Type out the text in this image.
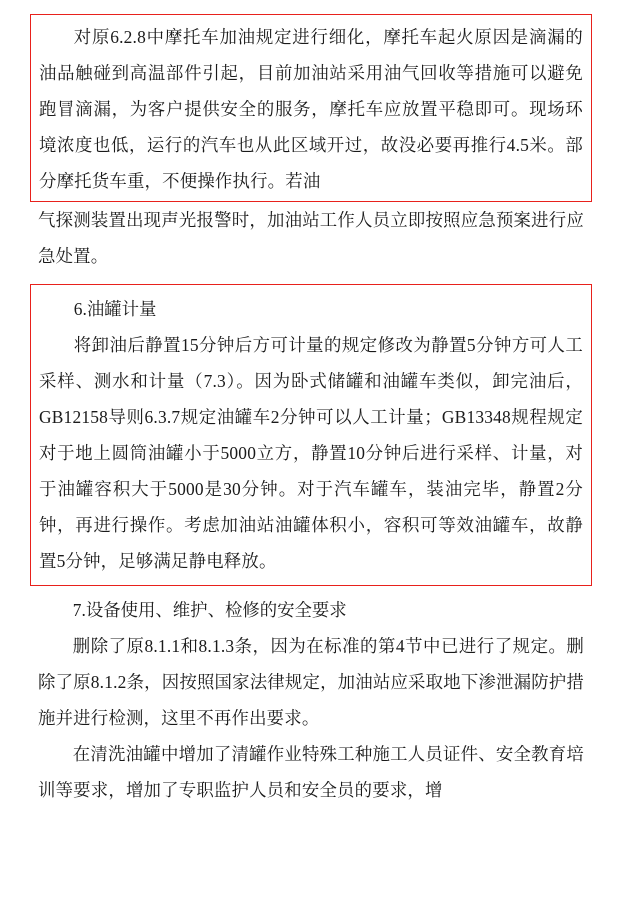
对原6.2.8中摩托车加油规定进行细化，摩托车起火原因是滴漏的油品触碰到高温部件引起，目前加油站采用油气回收等措施可以避免跑冒滴漏，为客户提供安全的服务，摩托车应放置平稳即可。现场环境浓度也低，运行的汽车也从此区域开过，故没必要再推行4.5米。部分摩托货车重，不便操作执行。若油

气探测装置出现声光报警时，加油站工作人员立即按照应急预案进行应急处置。

6.油罐计量

将卸油后静置15分钟后方可计量的规定修改为静置5分钟方可人工采样、测水和计量（7.3）。因为卧式储罐和油罐车类似，卸完油后，GB12158导则6.3.7规定油罐车2分钟可以人工计量；GB13348规程规定对于地上圆筒油罐小于5000立方，静置10分钟后进行采样、计量，对于油罐容积大于5000是30分钟。对于汽车罐车，装油完毕，静置2分钟，再进行操作。考虑加油站油罐体积小，容积可等效油罐车，故静置5分钟，足够满足静电释放。

7.设备使用、维护、检修的安全要求

删除了原8.1.1和8.1.3条，因为在标准的第4节中已进行了规定。删除了原8.1.2条，因按照国家法律规定，加油站应采取地下渗泄漏防护措施并进行检测，这里不再作出要求。

在清洗油罐中增加了清罐作业特殊工种施工人员证件、安全教育培训等要求，增加了专职监护人员和安全员的要求，增
